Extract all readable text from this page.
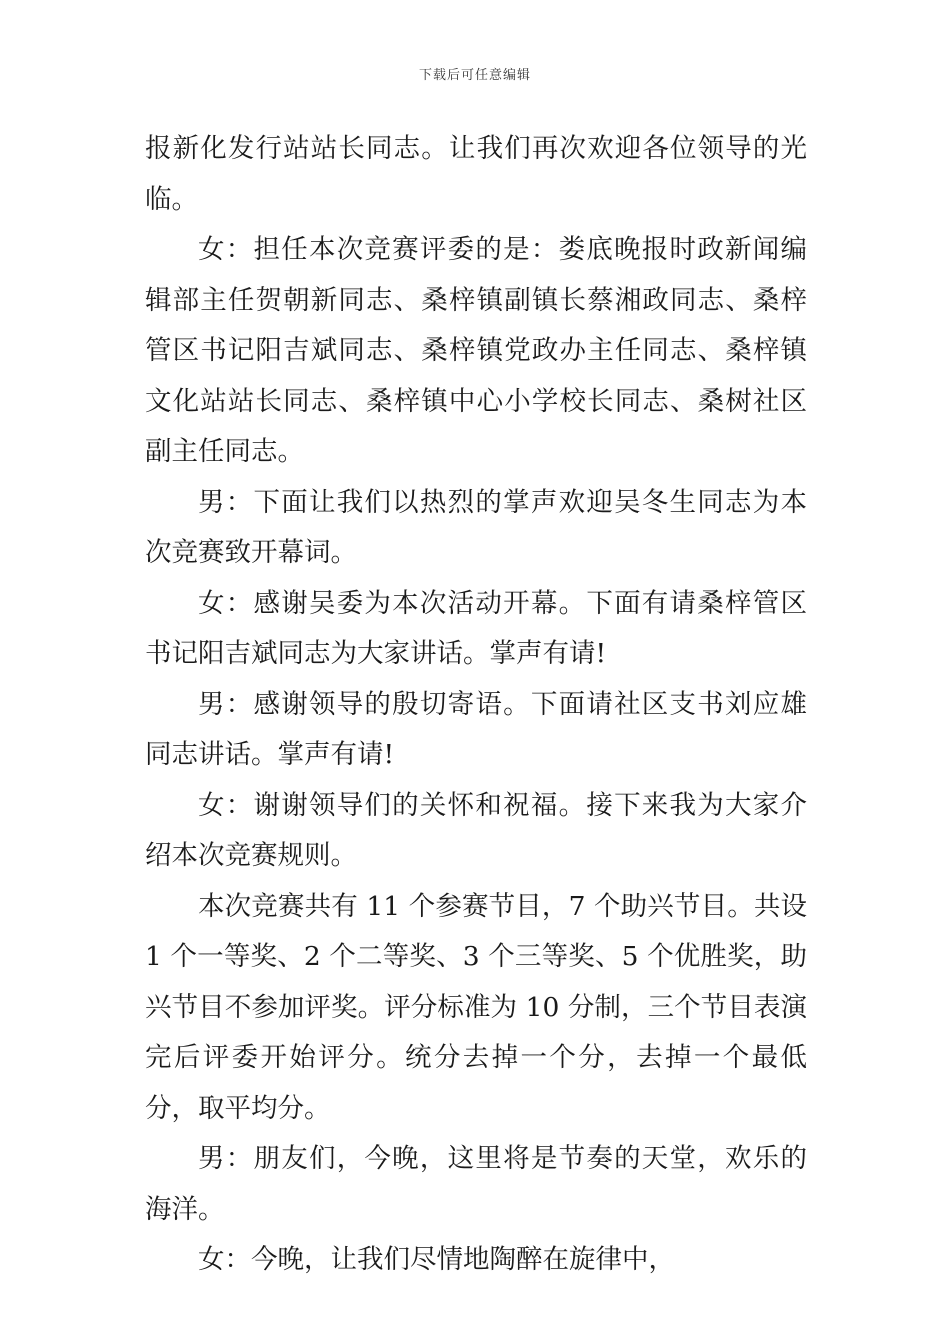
下载后可任意编辑

报新化发行站站长同志。让我们再次欢迎各位领导的光临。

女：担任本次竞赛评委的是：娄底晚报时政新闻编辑部主任贺朝新同志、桑梓镇副镇长蔡湘政同志、桑梓管区书记阳吉斌同志、桑梓镇党政办主任同志、桑梓镇文化站站长同志、桑梓镇中心小学校长同志、桑树社区副主任同志。

男：下面让我们以热烈的掌声欢迎吴冬生同志为本次竞赛致开幕词。

女：感谢吴委为本次活动开幕。下面有请桑梓管区书记阳吉斌同志为大家讲话。掌声有请!

男：感谢领导的殷切寄语。下面请社区支书刘应雄同志讲话。掌声有请!

女：谢谢领导们的关怀和祝福。接下来我为大家介绍本次竞赛规则。

本次竞赛共有 11 个参赛节目，7 个助兴节目。共设 1 个一等奖、2 个二等奖、3 个三等奖、5 个优胜奖，助兴节目不参加评奖。评分标准为 10 分制，三个节目表演完后评委开始评分。统分去掉一个分，去掉一个最低分，取平均分。

男：朋友们，今晚，这里将是节奏的天堂，欢乐的海洋。

女：今晚，让我们尽情地陶醉在旋律中，
